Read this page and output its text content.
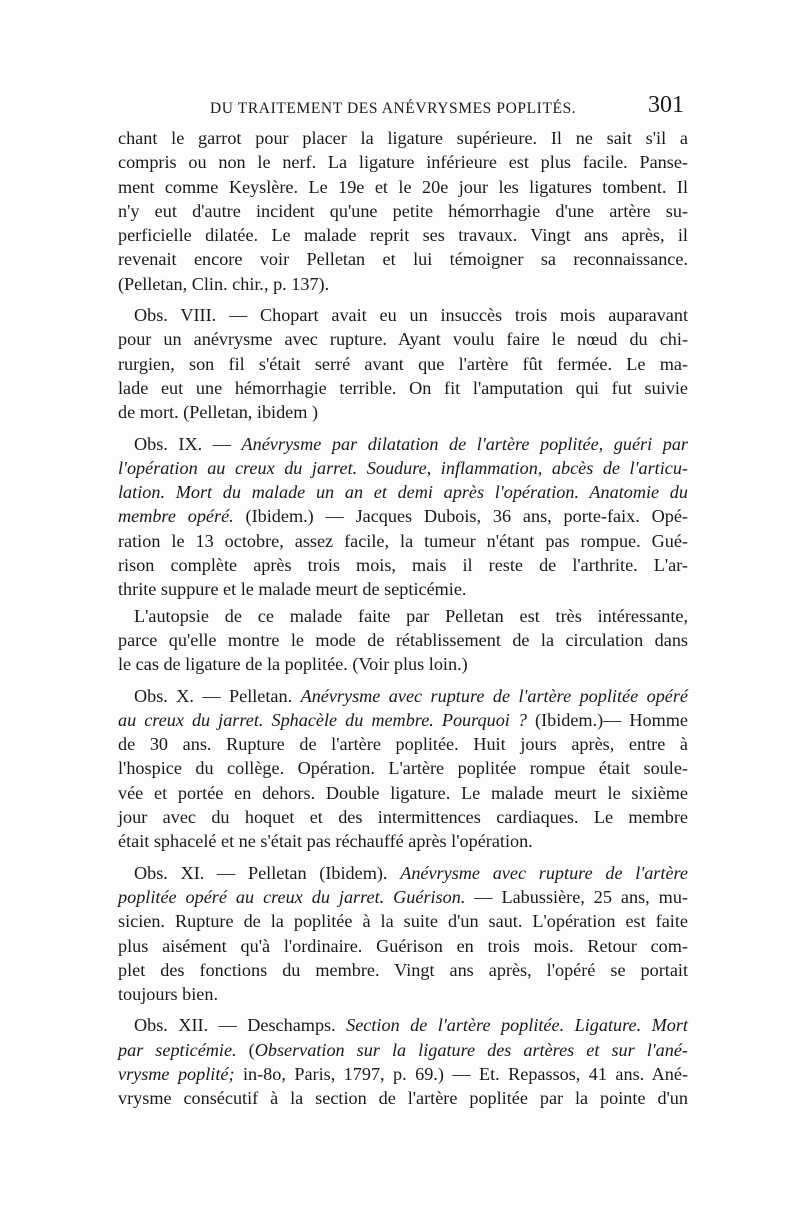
DU TRAITEMENT DES ANÉVRYSMES POPLITÉS.	301

chant le garrot pour placer la ligature supérieure. Il ne sait s'il a
compris ou non le nerf. La ligature inférieure est plus facile. Panse-
ment comme Keyslère. Le 19e et le 20e jour les ligatures tombent. Il
n'y eut d'autre incident qu'une petite hémorrhagie d'une artère su-
perficielle dilatée. Le malade reprit ses travaux. Vingt ans après, il
revenait encore voir Pelletan et lui témoigner sa reconnaissance.
(Pelletan, Clin. chir., p. 137).

Obs. VIII. — Chopart avait eu un insuccès trois mois auparavant
pour un anévrysme avec rupture. Ayant voulu faire le nœud du chi-
rurgien, son fil s'était serré avant que l'artère fût fermée. Le ma-
lade eut une hémorrhagie terrible. On fit l'amputation qui fut suivie
de mort. (Pelletan, ibidem )

Obs. IX. — Anévrysme par dilatation de l'artère poplitée, guéri par
l'opération au creux du jarret. Soudure, inflammation, abcès de l'articu-
lation. Mort du malade un an et demi après l'opération. Anatomie du
membre opéré. (Ibidem.) — Jacques Dubois, 36 ans, porte-faix. Opé-
ration le 13 octobre, assez facile, la tumeur n'étant pas rompue. Gué-
rison complète après trois mois, mais il reste de l'arthrite. L'ar-
thrite suppure et le malade meurt de septicémie.

L'autopsie de ce malade faite par Pelletan est très intéressante,
parce qu'elle montre le mode de rétablissement de la circulation dans
le cas de ligature de la poplitée. (Voir plus loin.)

Obs. X. — Pelletan. Anévrysme avec rupture de l'artère poplitée opéré
au creux du jarret. Sphacèle du membre. Pourquoi ? (Ibidem.)— Homme
de 30 ans. Rupture de l'artère poplitée. Huit jours après, entre à
l'hospice du collège. Opération. L'artère poplitée rompue était soule-
vée et portée en dehors. Double ligature. Le malade meurt le sixième
jour avec du hoquet et des intermittences cardiaques. Le membre
était sphacelé et ne s'était pas réchauffé après l'opération.

Obs. XI. — Pelletan (Ibidem). Anévrysme avec rupture de l'artère
poplitée opéré au creux du jarret. Guérison. — Labussière, 25 ans, mu-
sicien. Rupture de la poplitée à la suite d'un saut. L'opération est faite
plus aisément qu'à l'ordinaire. Guérison en trois mois. Retour com-
plet des fonctions du membre. Vingt ans après, l'opéré se portait
toujours bien.

Obs. XII. — Deschamps. Section de l'artère poplitée. Ligature. Mort
par septicémie. (Observation sur la ligature des artères et sur l'ané-
vrysme poplité; in-8o, Paris, 1797, p. 69.) — Et. Repassos, 41 ans. Ané-
vrysme consécutif à la section de l'artère poplitée par la pointe d'un
